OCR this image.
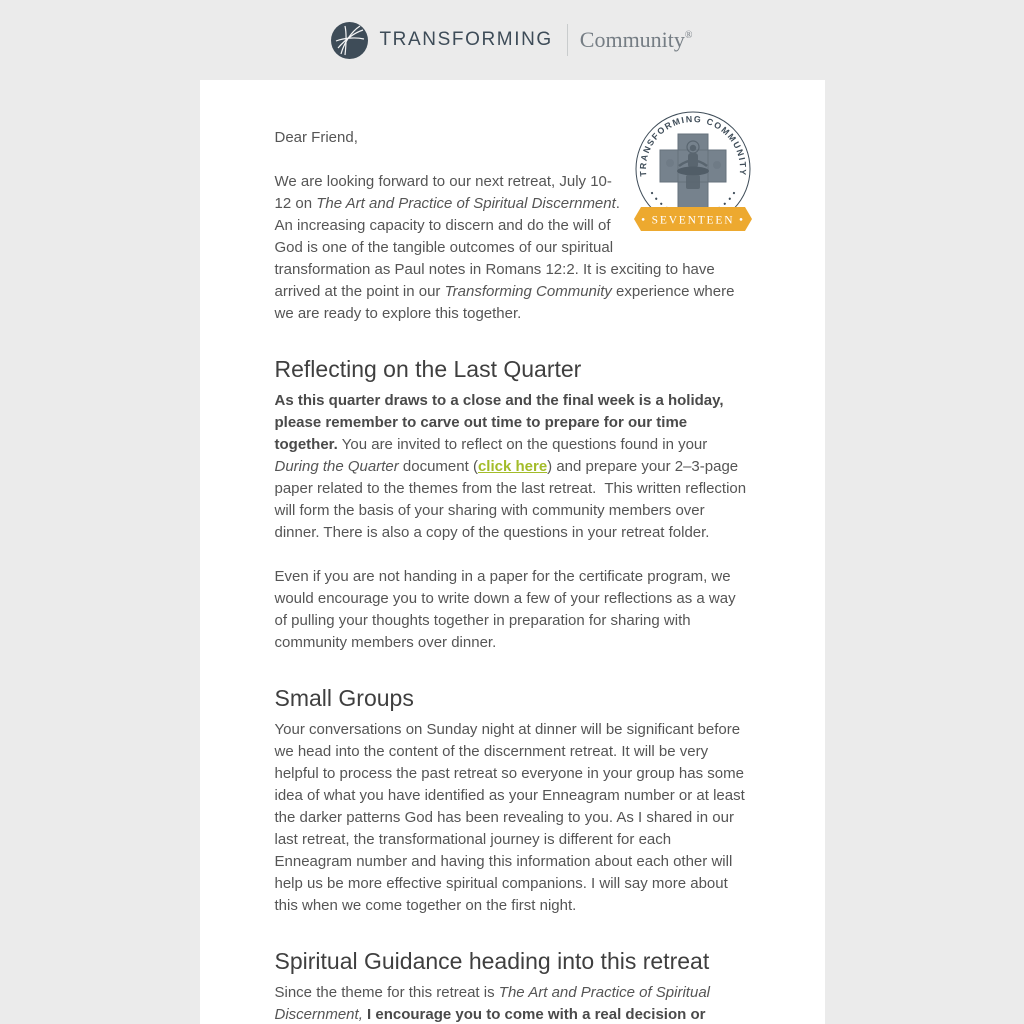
TRANSFORMING Community®
TRANSFORMING COMMUNITY
• SEVENTEEN •

Dear Friend,

We are looking forward to our next retreat, July 10-12 on The Art and Practice of Spiritual Discernment. An increasing capacity to discern and do the will of God is one of the tangible outcomes of our spiritual transformation as Paul notes in Romans 12:2. It is exciting to have arrived at the point in our Transforming Community experience where we are ready to explore this together.

Reflecting on the Last Quarter

As this quarter draws to a close and the final week is a holiday, please remember to carve out time to prepare for our time together. You are invited to reflect on the questions found in your During the Quarter document (click here) and prepare your 2–3-page paper related to the themes from the last retreat.  This written reflection will form the basis of your sharing with community members over dinner. There is also a copy of the questions in your retreat folder.

Even if you are not handing in a paper for the certificate program, we would encourage you to write down a few of your reflections as a way of pulling your thoughts together in preparation for sharing with community members over dinner.

Small Groups

Your conversations on Sunday night at dinner will be significant before we head into the content of the discernment retreat. It will be very helpful to process the past retreat so everyone in your group has some idea of what you have identified as your Enneagram number or at least the darker patterns God has been revealing to you. As I shared in our last retreat, the transformational journey is different for each Enneagram number and having this information about each other will help us be more effective spiritual companions. I will say more about this when we come together on the first night.

Spiritual Guidance heading into this retreat

Since the theme for this retreat is The Art and Practice of Spiritual Discernment, I encourage you to come with a real decision or
